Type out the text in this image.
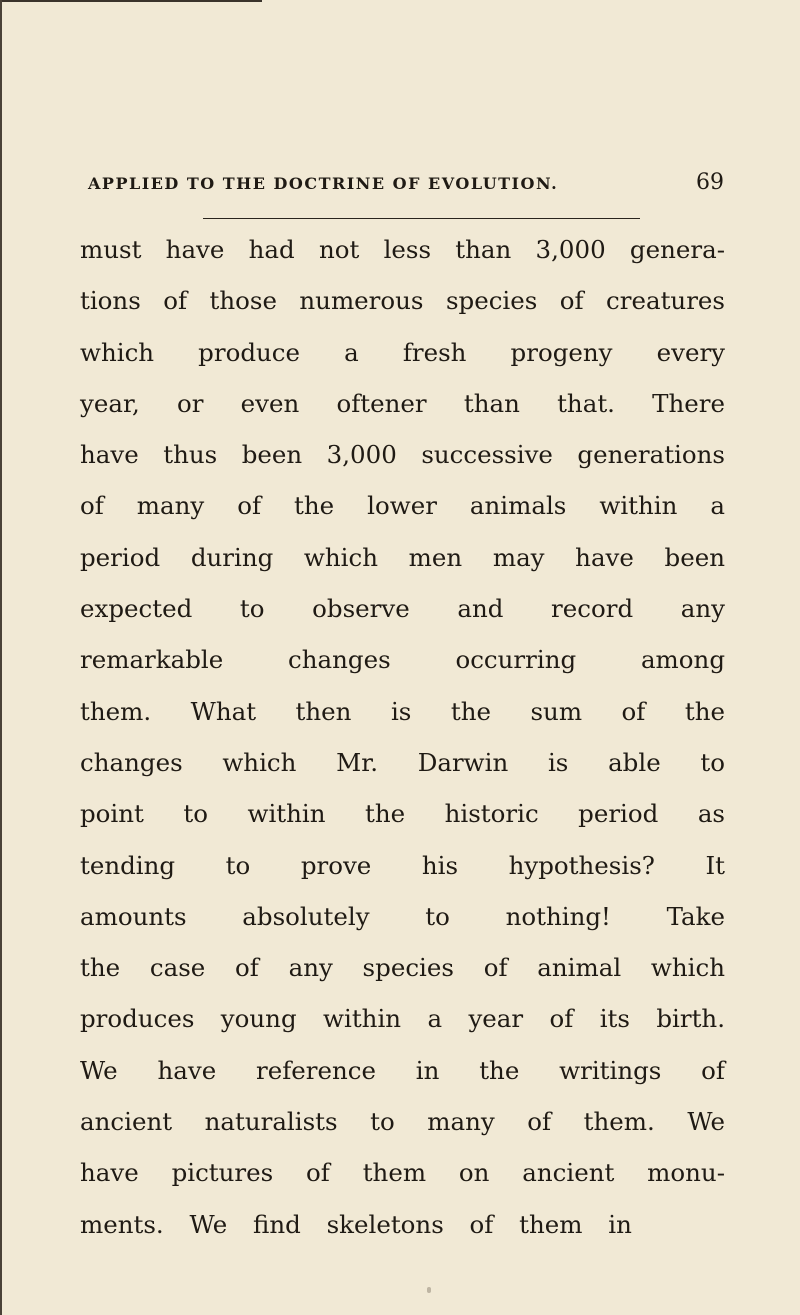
APPLIED TO THE DOCTRINE OF EVOLUTION.	69
must have had not less than 3,000 genera-
tions of those numerous species of creatures
which produce a fresh progeny every
year, or even oftener than that. There
have thus been 3,000 successive generations
of many of the lower animals within a
period during which men may have been
expected to observe and record any
remarkable changes occurring among
them. What then is the sum of the
changes which Mr. Darwin is able to
point to within the historic period as
tending to prove his hypothesis? It
amounts absolutely to nothing! Take
the case of any species of animal which
produces young within a year of its birth.
We have reference in the writings of
ancient naturalists to many of them. We
have pictures of them on ancient monu-
ments. We find skeletons of them in
